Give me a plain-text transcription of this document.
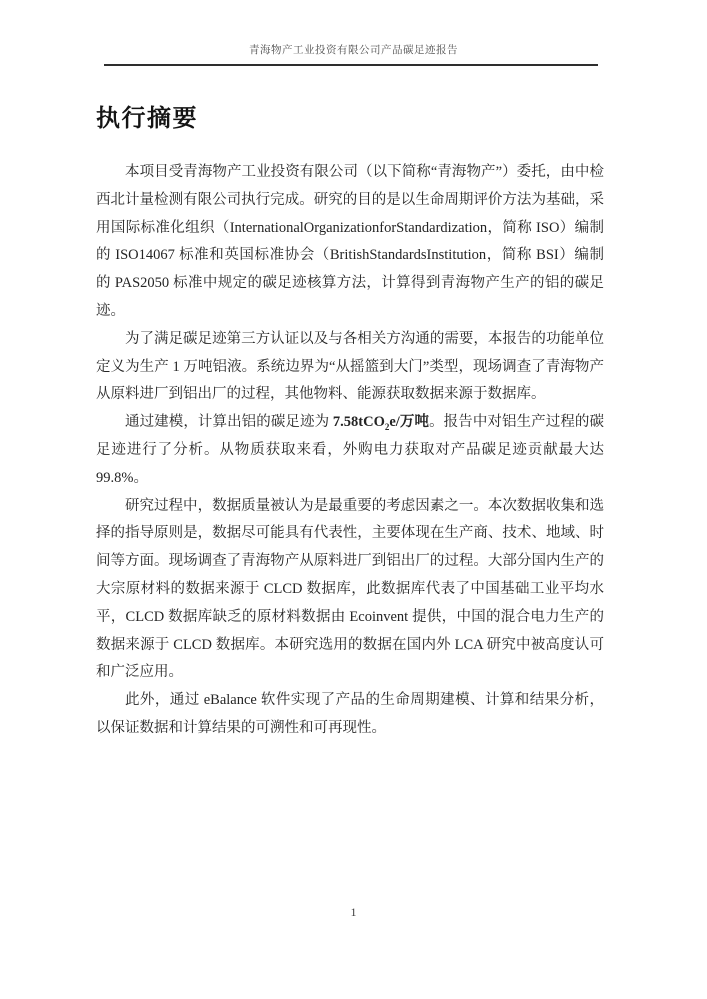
青海物产工业投资有限公司产品碳足迹报告
执行摘要

本项目受青海物产工业投资有限公司（以下简称“青海物产”）委托，由中检西北计量检测有限公司执行完成。研究的目的是以生命周期评价方法为基础，采用国际标准化组织（InternationalOrganizationforStandardization，简称 ISO）编制的 ISO14067 标准和英国标准协会（BritishStandardsInstitution，简称 BSI）编制的 PAS2050 标准中规定的碳足迹核算方法，计算得到青海物产生产的铝的碳足迹。

为了满足碳足迹第三方认证以及与各相关方沟通的需要，本报告的功能单位定义为生产 1 万吨铝液。系统边界为“从摇篮到大门”类型，现场调查了青海物产从原料进厂到铝出厂的过程，其他物料、能源获取数据来源于数据库。

通过建模，计算出铝的碳足迹为 7.58tCO$_2$e/万吨。报告中对铝生产过程的碳足迹进行了分析。从物质获取来看，外购电力获取对产品碳足迹贡献最大达 99.8%。

研究过程中，数据质量被认为是最重要的考虑因素之一。本次数据收集和选择的指导原则是，数据尽可能具有代表性，主要体现在生产商、技术、地域、时间等方面。现场调查了青海物产从原料进厂到铝出厂的过程。大部分国内生产的大宗原材料的数据来源于 CLCD 数据库，此数据库代表了中国基础工业平均水平，CLCD 数据库缺乏的原材料数据由 Ecoinvent 提供，中国的混合电力生产的数据来源于 CLCD 数据库。本研究选用的数据在国内外 LCA 研究中被高度认可和广泛应用。

此外，通过 eBalance 软件实现了产品的生命周期建模、计算和结果分析，以保证数据和计算结果的可溯性和可再现性。

1
